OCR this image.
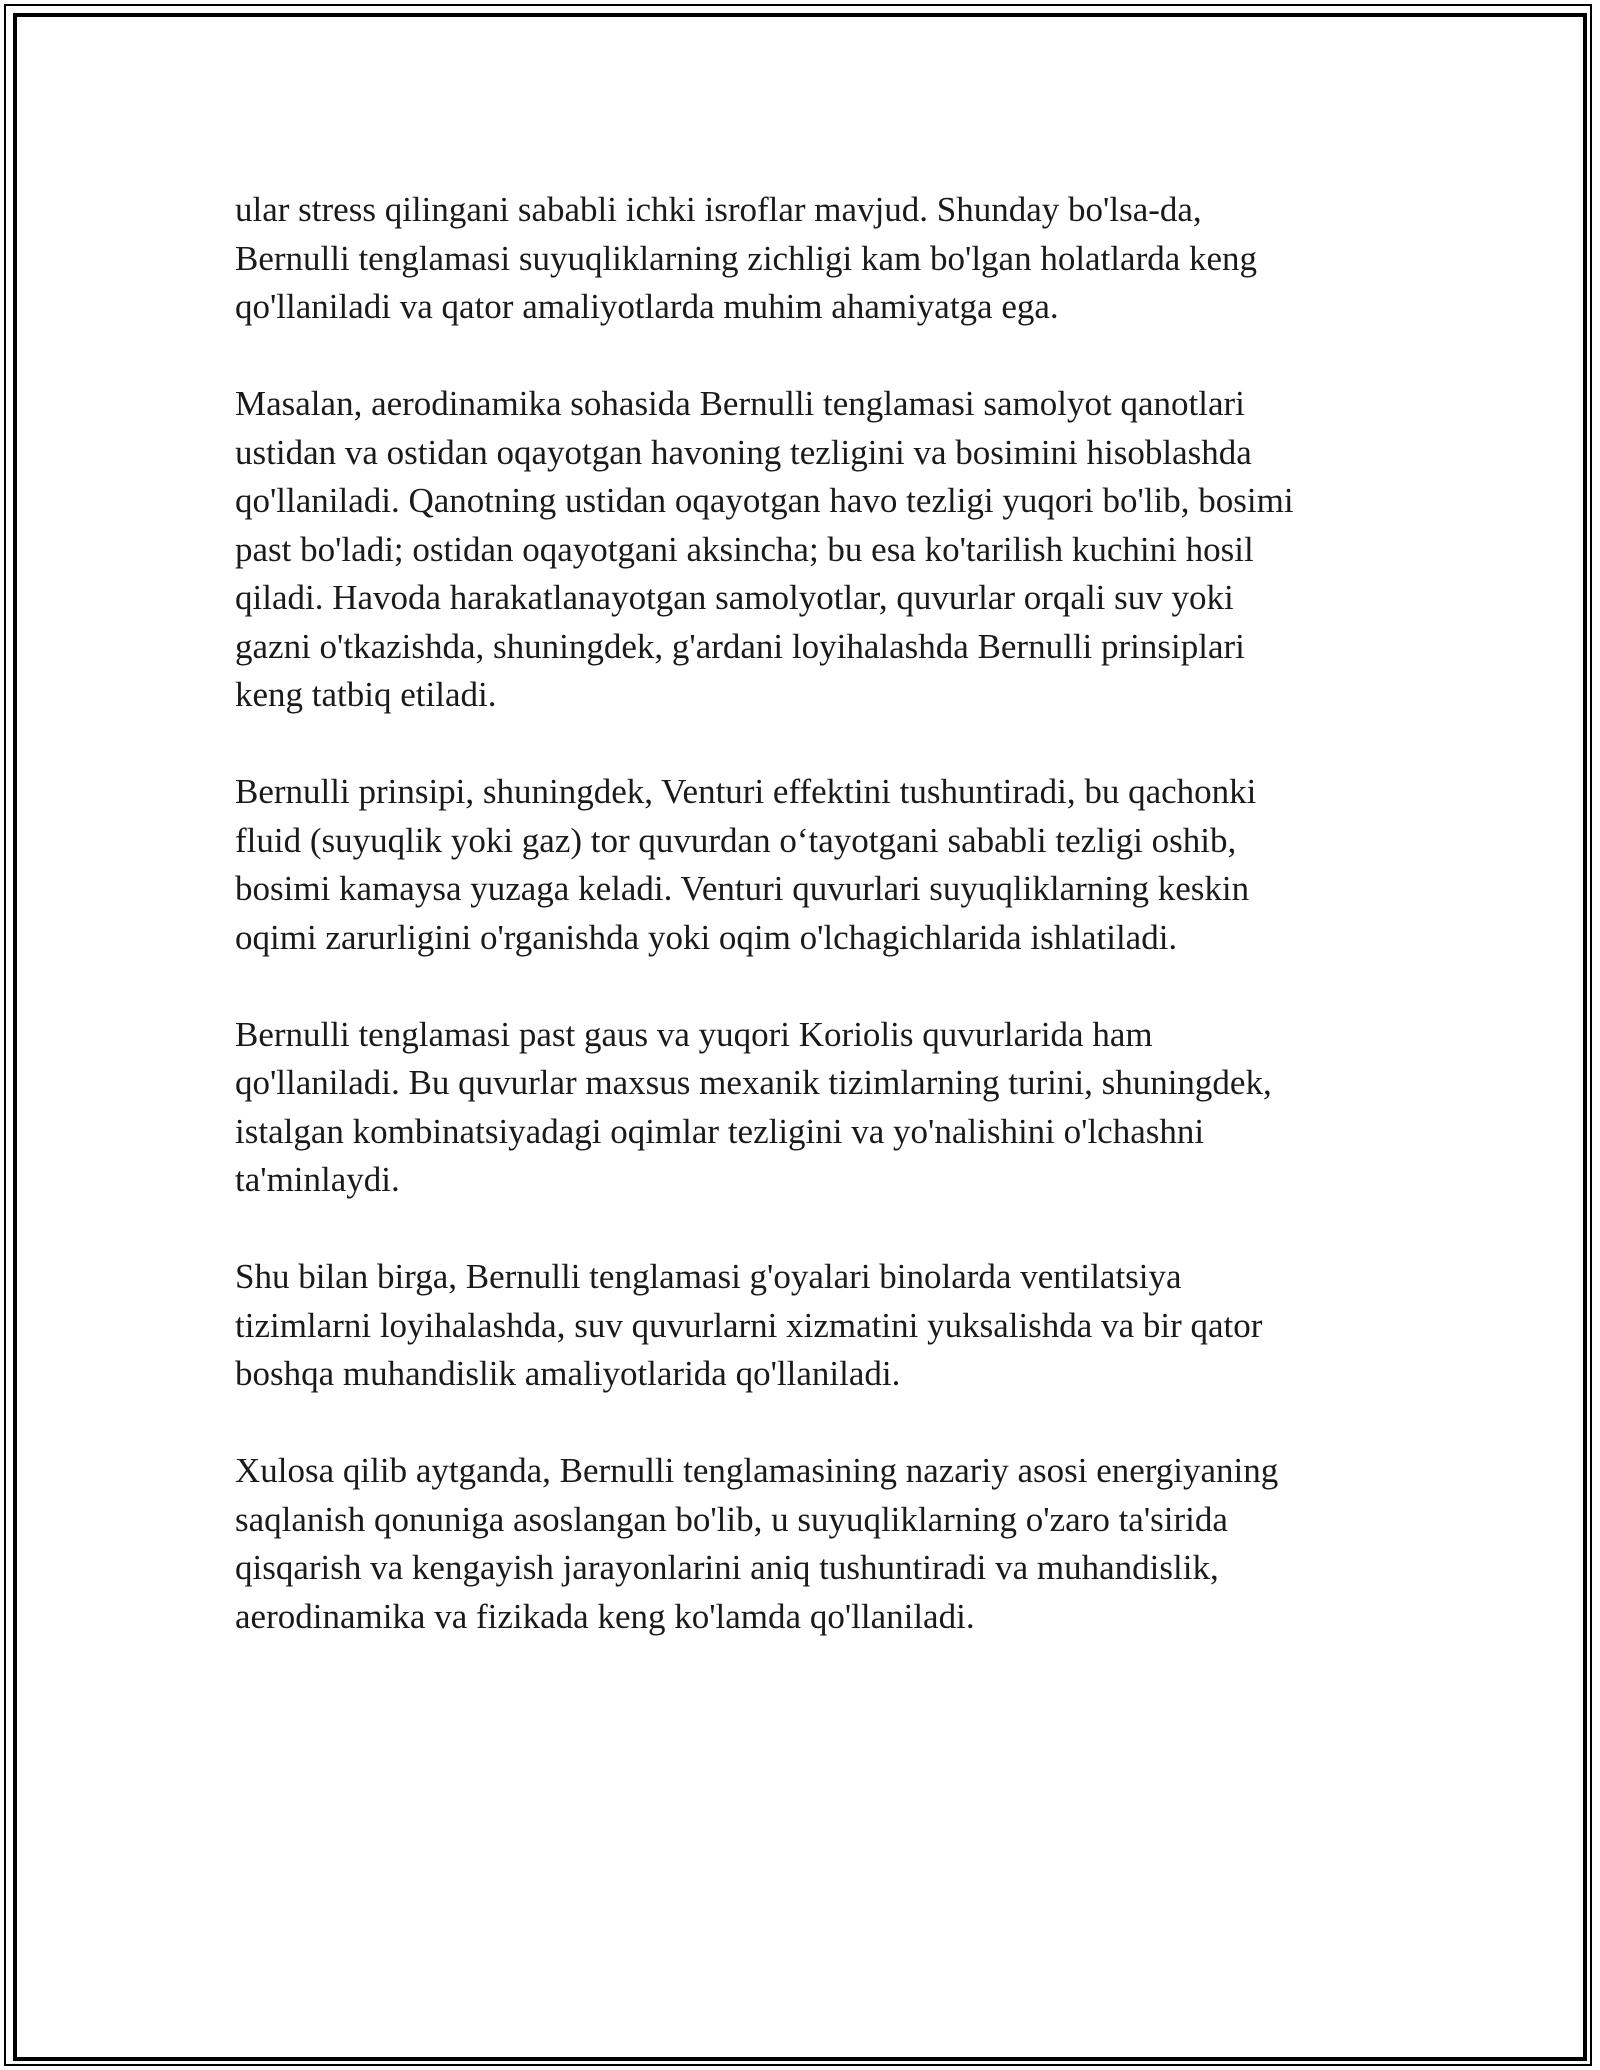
ular stress qilingani sababli ichki isroflar mavjud. Shunday bo'lsa-da,
Bernulli tenglamasi suyuqliklarning zichligi kam bo'lgan holatlarda keng
qo'llaniladi va qator amaliyotlarda muhim ahamiyatga ega.

Masalan, aerodinamika sohasida Bernulli tenglamasi samolyot qanotlari
ustidan va ostidan oqayotgan havoning tezligini va bosimini hisoblashda
qo'llaniladi. Qanotning ustidan oqayotgan havo tezligi yuqori bo'lib, bosimi
past bo'ladi; ostidan oqayotgani aksincha; bu esa ko'tarilish kuchini hosil
qiladi. Havoda harakatlanayotgan samolyotlar, quvurlar orqali suv yoki
gazni o'tkazishda, shuningdek, g'ardani loyihalashda Bernulli prinsiplari
keng tatbiq etiladi.

Bernulli prinsipi, shuningdek, Venturi effektini tushuntiradi, bu qachonki
fluid (suyuqlik yoki gaz) tor quvurdan o‘tayotgani sababli tezligi oshib,
bosimi kamaysa yuzaga keladi. Venturi quvurlari suyuqliklarning keskin
oqimi zarurligini o'rganishda yoki oqim o'lchagichlarida ishlatiladi.

Bernulli tenglamasi past gaus va yuqori Koriolis quvurlarida ham
qo'llaniladi. Bu quvurlar maxsus mexanik tizimlarning turini, shuningdek,
istalgan kombinatsiyadagi oqimlar tezligini va yo'nalishini o'lchashni
ta'minlaydi.

Shu bilan birga, Bernulli tenglamasi g'oyalari binolarda ventilatsiya
tizimlarni loyihalashda, suv quvurlarni xizmatini yuksalishda va bir qator
boshqa muhandislik amaliyotlarida qo'llaniladi.

Xulosa qilib aytganda, Bernulli tenglamasining nazariy asosi energiyaning
saqlanish qonuniga asoslangan bo'lib, u suyuqliklarning o'zaro ta'sirida
qisqarish va kengayish jarayonlarini aniq tushuntiradi va muhandislik,
aerodinamika va fizikada keng ko'lamda qo'llaniladi.
